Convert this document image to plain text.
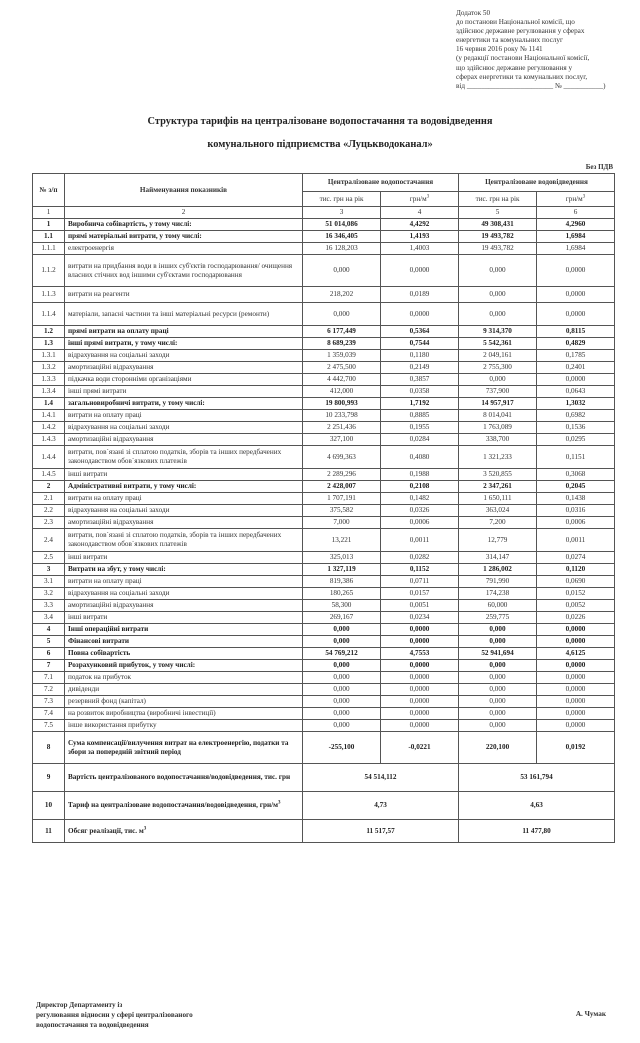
Додаток 50
до постанови Національної комісії, що
здійснює державне регулювання у сферах
енергетики та комунальних послуг
16 червня 2016 року № 1141
(у редакції постанови Національної комісії,
що здійснює державне регулювання у
сферах енергетики та комунальних послуг,
від ________________________ № ___________)
Структура тарифів на централізоване водопостачання та водовідведення
комунального підприємства «Луцькводоканал»
Без ПДВ
№ з/п	Найменування показників	Централізоване водопостачання		Централізоване водовідведення	
		тис. грн на рік	грн/$м^3$	тис. грн на рік	грн/$м^3$
1	2	3	4	5	6
1	Виробнича собівартість, у тому числі:	51 014,086	4,4292	49 308,431	4,2960
1.1	прямі матеріальні витрати, у тому числі:	16 346,405	1,4193	19 493,782	1,6984
1.1.1	електроенергія	16 128,203	1,4003	19 493,782	1,6984
1.1.2	витрати на придбання води в інших суб'єктів господарювання/ очищення власних стічних вод іншими суб'єктами господарювання	0,000	0,0000	0,000	0,0000
1.1.3	витрати на реагенти	218,202	0,0189	0,000	0,0000
1.1.4	матеріали, запасні частини та інші матеріальні ресурси (ремонти)	0,000	0,0000	0,000	0,0000
1.2	прямі витрати на оплату праці	6 177,449	0,5364	9 314,370	0,8115
1.3	інші прямі витрати, у тому числі:	8 689,239	0,7544	5 542,361	0,4829
1.3.1	відрахування на соціальні заходи	1 359,039	0,1180	2 049,161	0,1785
1.3.2	амортизаційні відрахування	2 475,500	0,2149	2 755,300	0,2401
1.3.3	підкачка води сторонніми організаціями	4 442,700	0,3857	0,000	0,0000
1.3.4	інші прямі витрати	412,000	0,0358	737,900	0,0643
1.4	загальновиробничі витрати, у тому числі:	19 800,993	1,7192	14 957,917	1,3032
1.4.1	витрати на оплату праці	10 233,798	0,8885	8 014,041	0,6982
1.4.2	відрахування на соціальні заходи	2 251,436	0,1955	1 763,089	0,1536
1.4.3	амортизаційні відрахування	327,100	0,0284	338,700	0,0295
1.4.4	витрати, пов`язані зі сплатою податків, зборів та інших передбачених законодавством обов`язкових платежів	4 699,363	0,4080	1 321,233	0,1151
1.4.5	інші витрати	2 289,296	0,1988	3 520,855	0,3068
2	Адміністративні витрати, у тому числі:	2 428,007	0,2108	2 347,261	0,2045
2.1	витрати на оплату праці	1 707,191	0,1482	1 650,111	0,1438
2.2	відрахування на соціальні заходи	375,582	0,0326	363,024	0,0316
2.3	амортизаційні відрахування	7,000	0,0006	7,200	0,0006
2.4	витрати, пов`язані зі сплатою податків, зборів та інших передбачених законодавством обов`язкових платежів	13,221	0,0011	12,779	0,0011
2.5	інші витрати	325,013	0,0282	314,147	0,0274
3	Витрати на збут, у тому числі:	1 327,119	0,1152	1 286,002	0,1120
3.1	витрати на оплату праці	819,386	0,0711	791,990	0,0690
3.2	відрахування на соціальні заходи	180,265	0,0157	174,238	0,0152
3.3	амортизаційні відрахування	58,300	0,0051	60,000	0,0052
3.4	інші витрати	269,167	0,0234	259,775	0,0226
4	Інші операційні витрати	0,000	0,0000	0,000	0,0000
5	Фінансові витрати	0,000	0,0000	0,000	0,0000
6	Повна собівартість	54 769,212	4,7553	52 941,694	4,6125
7	Розрахунковий прибуток, у тому числі:	0,000	0,0000	0,000	0,0000
7.1	податок на прибуток	0,000	0,0000	0,000	0,0000
7.2	дивіденди	0,000	0,0000	0,000	0,0000
7.3	резервний фонд (капітал)	0,000	0,0000	0,000	0,0000
7.4	на розвиток виробництва (виробничі інвестиції)	0,000	0,0000	0,000	0,0000
7.5	інше використання прибутку	0,000	0,0000	0,000	0,0000
8	Сума компенсації/вилучення витрат на електроенергію, податки та збори за попередній звітний період	-255,100	-0,0221	220,100	0,0192
9	Вартість централізованого водопостачання/водовідведення, тис. грн	54 514,112		53 161,794	
10	Тариф на централізоване водопостачання/водовідведення, грн/$м^3$	4,73		4,63	
11	Обсяг реалізації, тис. $м^3$	11 517,57		11 477,80	
Директор Департаменту із
регулювання відносин у сфері централізованого
водопостачання та водовідведення
А. Чумак
